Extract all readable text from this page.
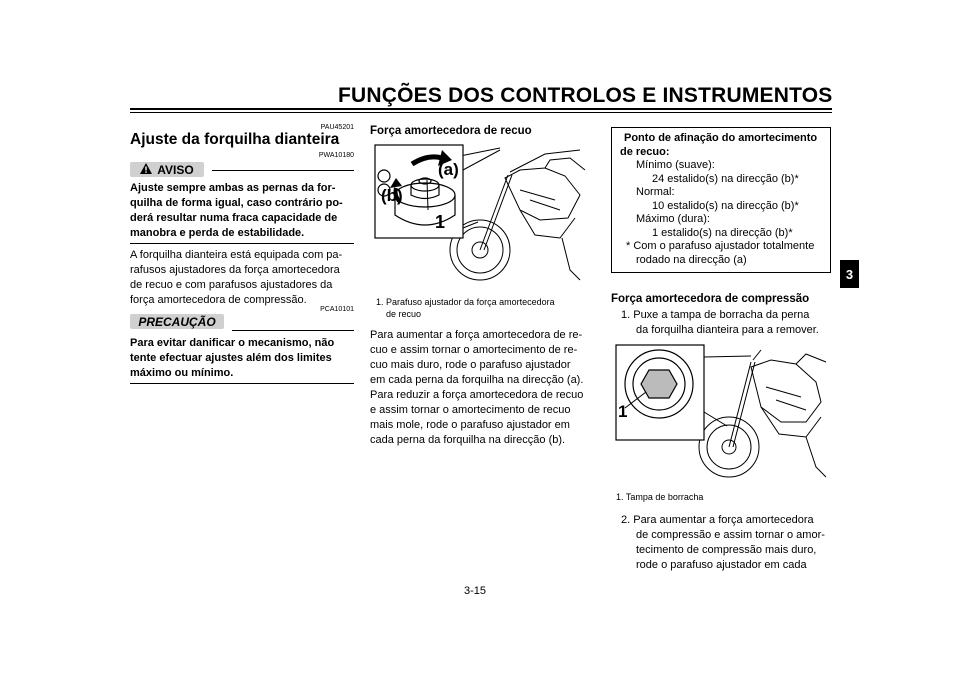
FUNÇÕES DOS CONTROLOS E INSTRUMENTOS
3
PAU45201
Ajuste da forquilha dianteira
PWA10180
AVISO
Ajuste sempre ambas as pernas da for-
quilha de forma igual, caso contrário po-
derá resultar numa fraca capacidade de
manobra e perda de estabilidade.
A forquilha dianteira está equipada com pa-
rafusos ajustadores da força amortecedora
de recuo e com parafusos ajustadores da
força amortecedora de compressão.
PCA10101
PRECAUÇÃO
Para evitar danificar o mecanismo, não
tente efectuar ajustes além dos limites
máximo ou mínimo.
Força amortecedora de recuo
(a)
(b)
1
1. Parafuso ajustador da força amortecedora
de recuo
Para aumentar a força amortecedora de re-
cuo e assim tornar o amortecimento de re-
cuo mais duro, rode o parafuso ajustador
em cada perna da forquilha na direcção (a).
Para reduzir a força amortecedora de recuo
e assim tornar o amortecimento de recuo
mais mole, rode o parafuso ajustador em
cada perna da forquilha na direcção (b).
Ponto de afinação do amortecimento
de recuo:
Mínimo (suave):
24 estalido(s) na direcção (b)*
Normal:
10 estalido(s) na direcção (b)*
Máximo (dura):
1 estalido(s) na direcção (b)*
* Com o parafuso ajustador totalmente
rodado na direcção (a)
Força amortecedora de compressão
1. Puxe a tampa de borracha da perna
da forquilha dianteira para a remover.
1
1. Tampa de borracha
2. Para aumentar a força amortecedora
de compressão e assim tornar o amor-
tecimento de compressão mais duro,
rode o parafuso ajustador em cada
3-15
